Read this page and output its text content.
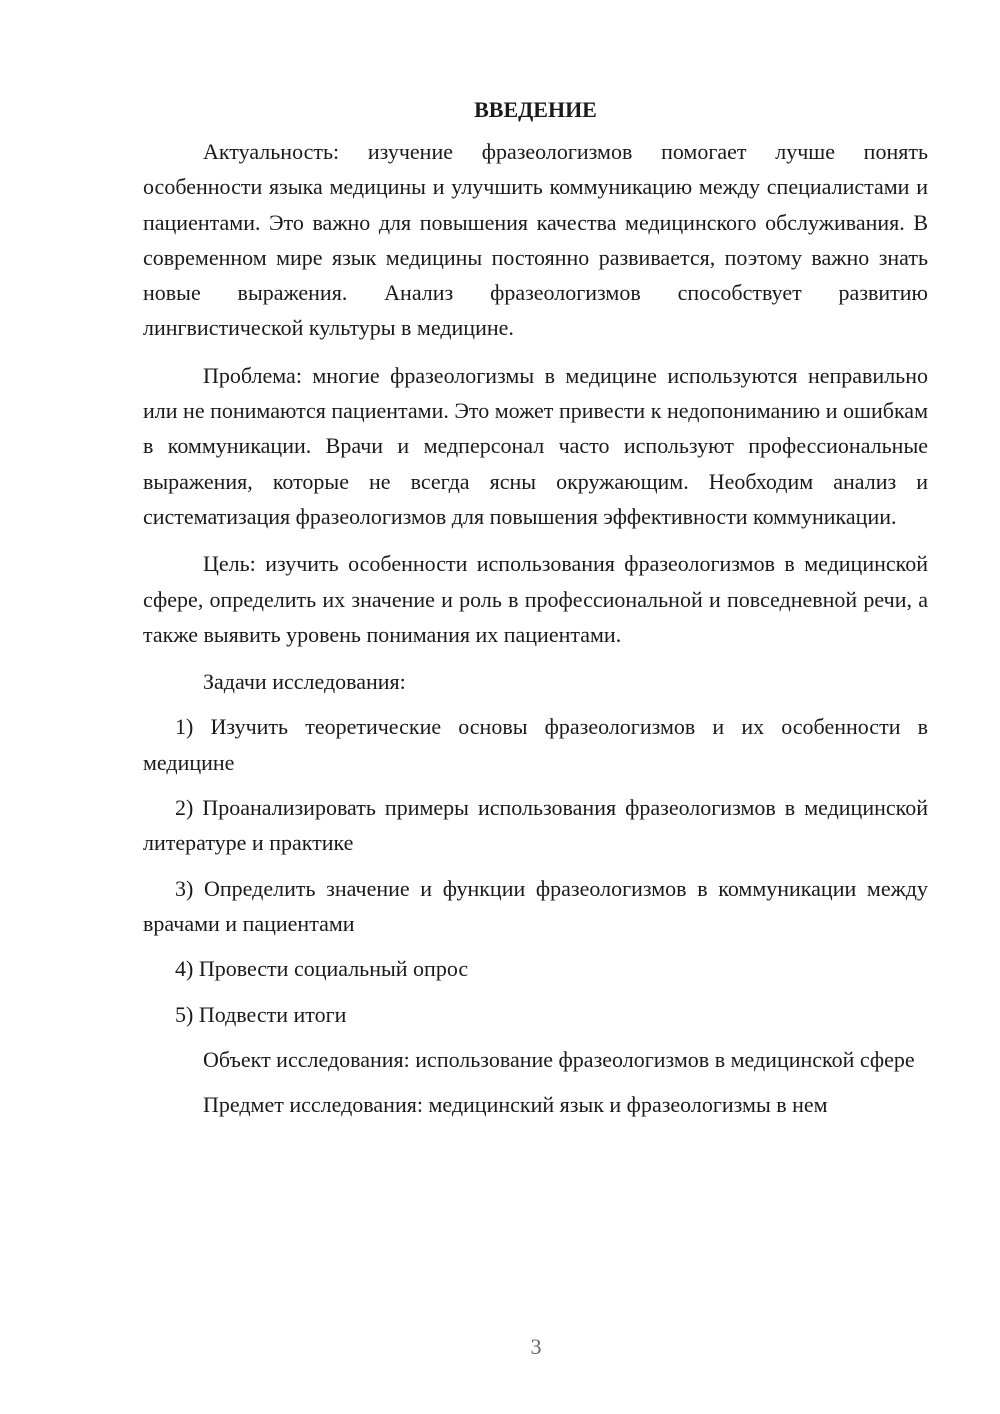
ВВЕДЕНИЕ

Актуальность: изучение фразеологизмов помогает лучше понять особенности языка медицины и улучшить коммуникацию между специалистами и пациентами. Это важно для повышения качества медицинского обслуживания. В современном мире язык медицины постоянно развивается, поэтому важно знать новые выражения. Анализ фразеологизмов способствует развитию лингвистической культуры в медицине.

Проблема: многие фразеологизмы в медицине используются неправильно или не понимаются пациентами. Это может привести к недопониманию и ошибкам в коммуникации. Врачи и медперсонал часто используют профессиональные выражения, которые не всегда ясны окружающим. Необходим анализ и систематизация фразеологизмов для повышения эффективности коммуникации.

Цель: изучить особенности использования фразеологизмов в медицинской сфере, определить их значение и роль в профессиональной и повседневной речи, а также выявить уровень понимания их пациентами.

Задачи исследования:

1) Изучить теоретические основы фразеологизмов и их особенности в медицине

2) Проанализировать примеры использования фразеологизмов в медицинской литературе и практике

3) Определить значение и функции фразеологизмов в коммуникации между врачами и пациентами

4) Провести социальный опрос

5) Подвести итоги

Объект исследования: использование фразеологизмов в медицинской сфере

Предмет исследования: медицинский язык и фразеологизмы в нем

3
